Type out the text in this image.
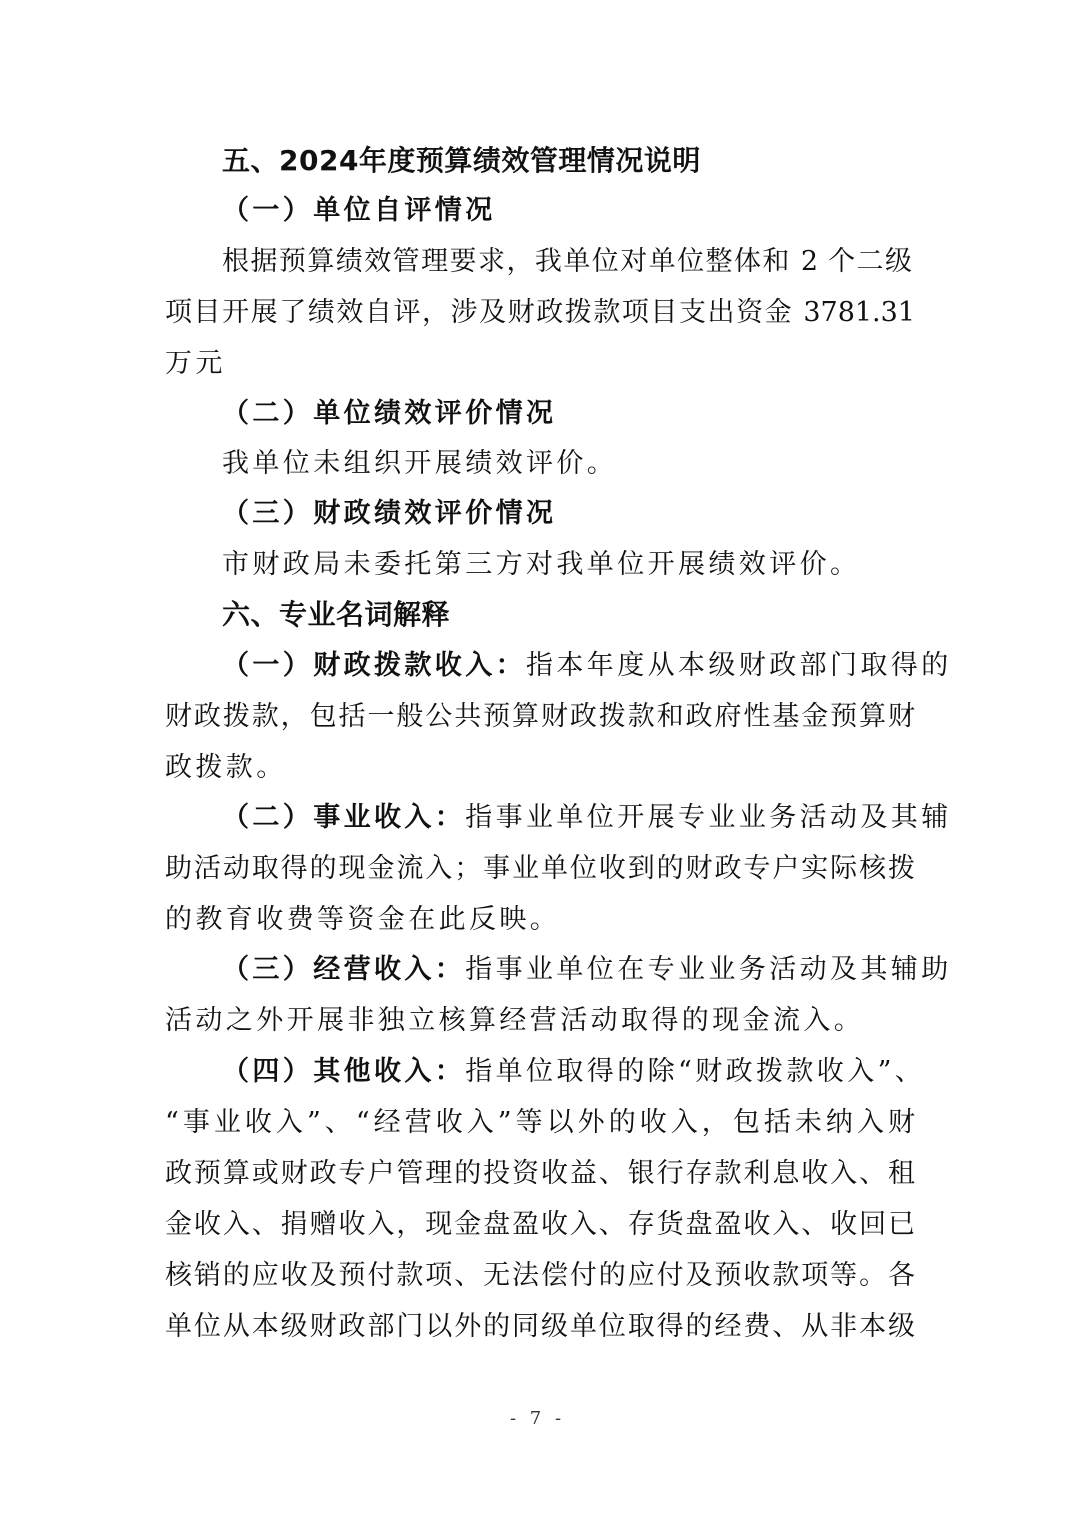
五、2024年度预算绩效管理情况说明
（一）单位自评情况
根据预算绩效管理要求，我单位对单位整体和 2 个二级
项目开展了绩效自评，涉及财政拨款项目支出资金 3781.31
万元
（二）单位绩效评价情况
我单位未组织开展绩效评价。
（三）财政绩效评价情况
市财政局未委托第三方对我单位开展绩效评价。
六、专业名词解释
（一）财政拨款收入：指本年度从本级财政部门取得的
财政拨款，包括一般公共预算财政拨款和政府性基金预算财
政拨款。
（二）事业收入：指事业单位开展专业业务活动及其辅
助活动取得的现金流入；事业单位收到的财政专户实际核拨
的教育收费等资金在此反映。
（三）经营收入：指事业单位在专业业务活动及其辅助
活动之外开展非独立核算经营活动取得的现金流入。
（四）其他收入：指单位取得的除“财政拨款收入”、
“事业收入”、“经营收入”等以外的收入，包括未纳入财
政预算或财政专户管理的投资收益、银行存款利息收入、租
金收入、捐赠收入，现金盘盈收入、存货盘盈收入、收回已
核销的应收及预付款项、无法偿付的应付及预收款项等。各
单位从本级财政部门以外的同级单位取得的经费、从非本级
- 7 -
